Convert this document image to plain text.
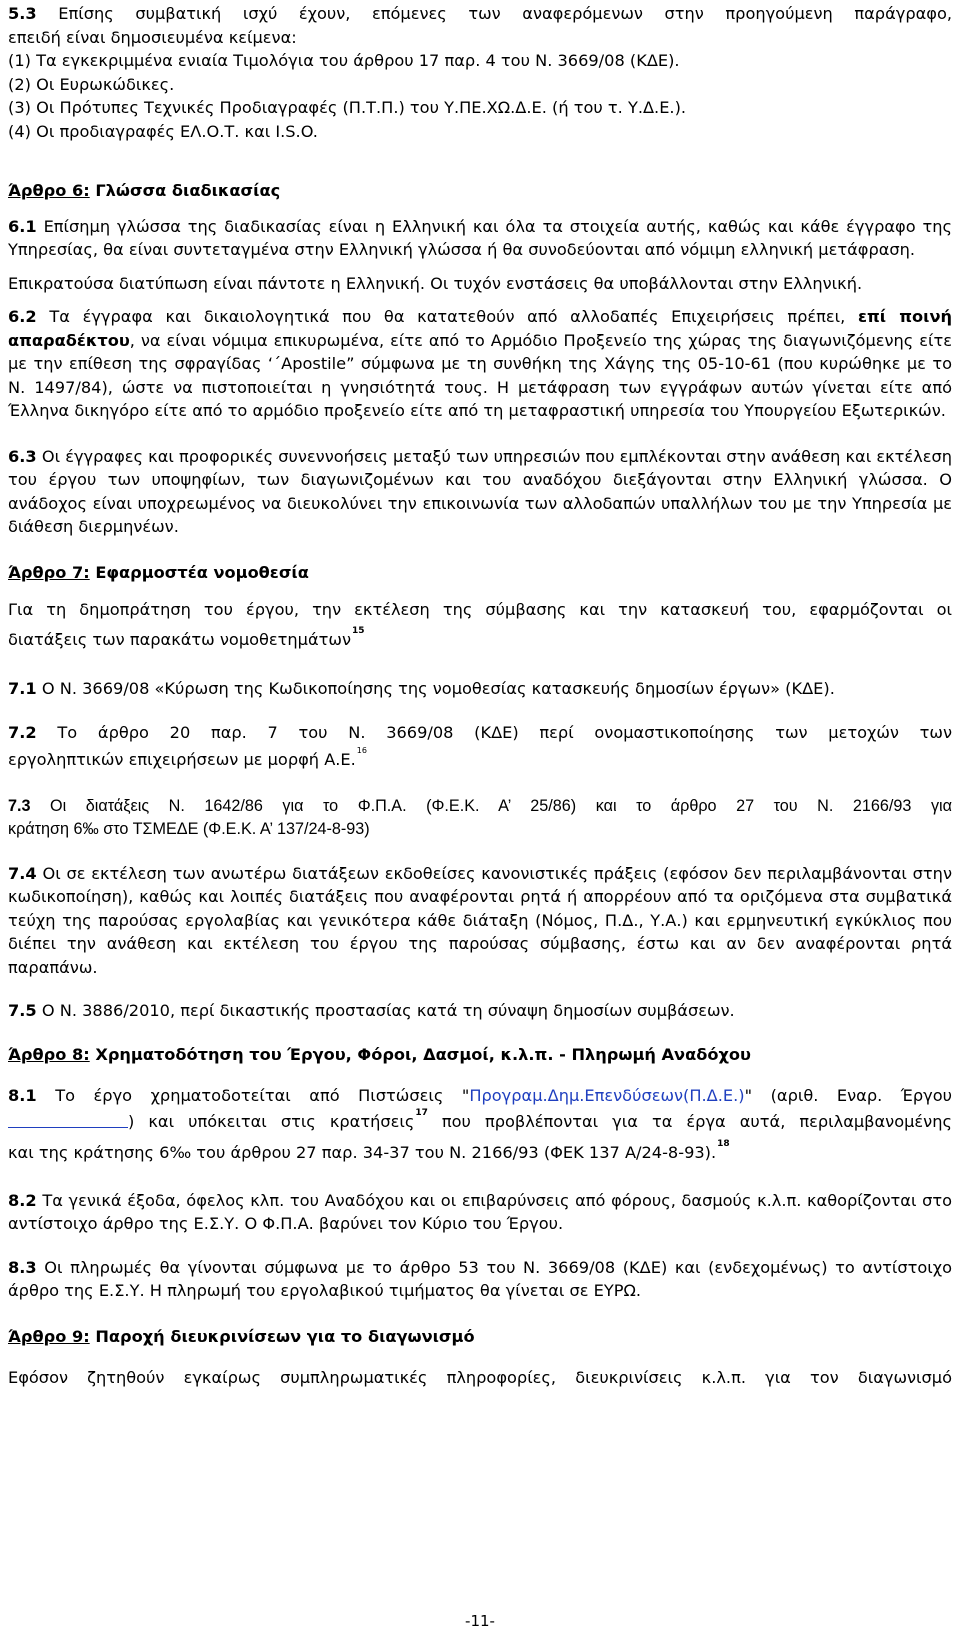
5.3 Επίσης συμβατική ισχύ έχουν, επόμενες των αναφερόμενων στην προηγούμενη παράγραφο,

επειδή είναι δημοσιευμένα κείμενα:

(1) Τα εγκεκριμμένα ενιαία Τιμολόγια του άρθρου 17 παρ. 4 του Ν. 3669/08 (ΚΔΕ).

(2) Οι Ευρωκώδικες.

(3) Οι Πρότυπες Τεχνικές Προδιαγραφές (Π.Τ.Π.) του Υ.ΠΕ.ΧΩ.Δ.Ε. (ή του τ. Υ.Δ.Ε.).

(4) Οι προδιαγραφές ΕΛ.Ο.Τ. και I.S.O.

Άρθρο 6: Γλώσσα διαδικασίας

6.1 Επίσημη γλώσσα της διαδικασίας είναι η Ελληνική και όλα τα στοιχεία αυτής, καθώς και κάθε έγγραφο της Υπηρεσίας, θα είναι συντεταγμένα στην Ελληνική γλώσσα ή θα συνοδεύονται από νόμιμη ελληνική μετάφραση.

Επικρατούσα διατύπωση είναι πάντοτε η Ελληνική. Οι τυχόν ενστάσεις θα υποβάλλονται στην Ελληνική.

6.2 Τα έγγραφα και δικαιολογητικά που θα κατατεθούν από αλλοδαπές Επιχειρήσεις πρέπει, επί ποινή απαραδέκτου, να είναι νόμιμα επικυρωμένα, είτε από το Αρμόδιο Προξενείο της χώρας της διαγωνιζόμενης είτε με την επίθεση της σφραγίδας ‘΄Apostile” σύμφωνα με τη συνθήκη της Χάγης της 05-10-61 (που κυρώθηκε με το Ν. 1497/84), ώστε να πιστοποιείται η γνησιότητά τους. Η μετάφραση των εγγράφων αυτών γίνεται είτε από Έλληνα δικηγόρο είτε από το αρμόδιο προξενείο είτε από τη μεταφραστική υπηρεσία του Υπουργείου Εξωτερικών.

6.3 Οι έγγραφες και προφορικές συνεννοήσεις μεταξύ των υπηρεσιών που εμπλέκονται στην ανάθεση και εκτέλεση του έργου των υποψηφίων, των διαγωνιζομένων και του αναδόχου διεξάγονται στην Ελληνική γλώσσα. Ο ανάδοχος είναι υποχρεωμένος να διευκολύνει την επικοινωνία των αλλοδαπών υπαλλήλων του με την Υπηρεσία με διάθεση διερμηνέων.

Άρθρο 7: Εφαρμοστέα νομοθεσία

Για τη δημοπράτηση του έργου, την εκτέλεση της σύμβασης και την κατασκευή του, εφαρμόζονται οι

διατάξεις των παρακάτω νομοθετημάτων$^{15}$

7.1 Ο Ν. 3669/08 «Κύρωση της Κωδικοποίησης της νομοθεσίας κατασκευής δημοσίων έργων» (ΚΔΕ).

7.2 Το άρθρο 20 παρ. 7 του Ν. 3669/08 (ΚΔΕ) περί ονομαστικοποίησης των μετοχών των

εργοληπτικών επιχειρήσεων με μορφή Α.Ε.$^{16}$

7.3 Οι διατάξεις Ν. 1642/86 για το Φ.Π.Α. (Φ.Ε.Κ. Α’ 25/86) και το άρθρο 27 του Ν. 2166/93 για

κράτηση 6‰ στο ΤΣΜΕΔΕ (Φ.Ε.Κ. Α’ 137/24-8-93)

7.4 Οι σε εκτέλεση των ανωτέρω διατάξεων εκδοθείσες κανονιστικές πράξεις (εφόσον δεν περιλαμβάνονται στην κωδικοποίηση), καθώς και λοιπές διατάξεις που αναφέρονται ρητά ή απορρέουν από τα οριζόμενα στα συμβατικά τεύχη της παρούσας εργολαβίας και γενικότερα κάθε διάταξη (Νόμος, Π.Δ., Υ.Α.) και ερμηνευτική εγκύκλιος που διέπει την ανάθεση και εκτέλεση του έργου της παρούσας σύμβασης, έστω και αν δεν αναφέρονται ρητά παραπάνω.

7.5 Ο Ν. 3886/2010, περί δικαστικής προστασίας κατά τη σύναψη δημοσίων συμβάσεων.

Άρθρο 8: Χρηματοδότηση του Έργου, Φόροι, Δασμοί, κ.λ.π. - Πληρωμή Αναδόχου

8.1 Το έργο χρηματοδοτείται από Πιστώσεις "Προγραμ.Δημ.Επενδύσεων(Π.Δ.Ε.)" (αριθ. Εναρ. Έργου

) και υπόκειται στις κρατήσεις$^{17}$ που προβλέπονται για τα έργα αυτά, περιλαμβανομένης

και της κράτησης 6‰ του άρθρου 27 παρ. 34-37 του Ν. 2166/93 (ΦΕΚ 137 Α/24-8-93).$^{18}$

8.2 Τα γενικά έξοδα, όφελος κλπ. του Αναδόχου και οι επιβαρύνσεις από φόρους, δασμούς κ.λ.π. καθορίζονται στο αντίστοιχο άρθρο της Ε.Σ.Υ. Ο Φ.Π.Α. βαρύνει τον Κύριο του Έργου.

8.3 Οι πληρωμές θα γίνονται σύμφωνα με το άρθρο 53 του Ν. 3669/08 (ΚΔΕ) και (ενδεχομένως) το αντίστοιχο άρθρο της Ε.Σ.Υ. Η πληρωμή του εργολαβικού τιμήματος θα γίνεται σε ΕΥΡΩ.

Άρθρο 9: Παροχή διευκρινίσεων για το διαγωνισμό

Εφόσον ζητηθούν εγκαίρως συμπληρωματικές πληροφορίες, διευκρινίσεις κ.λ.π. για τον διαγωνισμό

-11-
